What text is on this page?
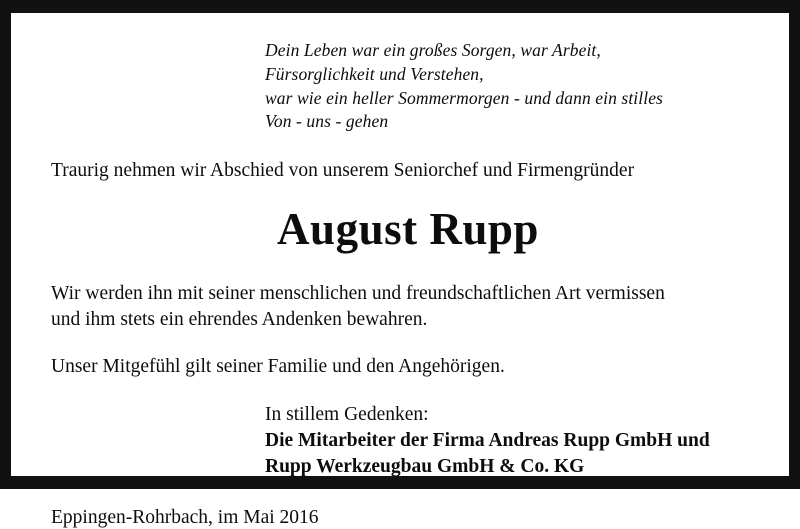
Dein Leben war ein großes Sorgen, war Arbeit,
Fürsorglichkeit und Verstehen,
war wie ein heller Sommermorgen - und dann ein stilles
Von - uns - gehen
Traurig nehmen wir Abschied von unserem Seniorchef und Firmengründer
August Rupp
Wir werden ihn mit seiner menschlichen und freundschaftlichen Art vermissen
und ihm stets ein ehrendes Andenken bewahren.
Unser Mitgefühl gilt seiner Familie und den Angehörigen.
In stillem Gedenken:
Die Mitarbeiter der Firma Andreas Rupp GmbH und
Rupp Werkzeugbau GmbH & Co. KG
Eppingen-Rohrbach, im Mai 2016
